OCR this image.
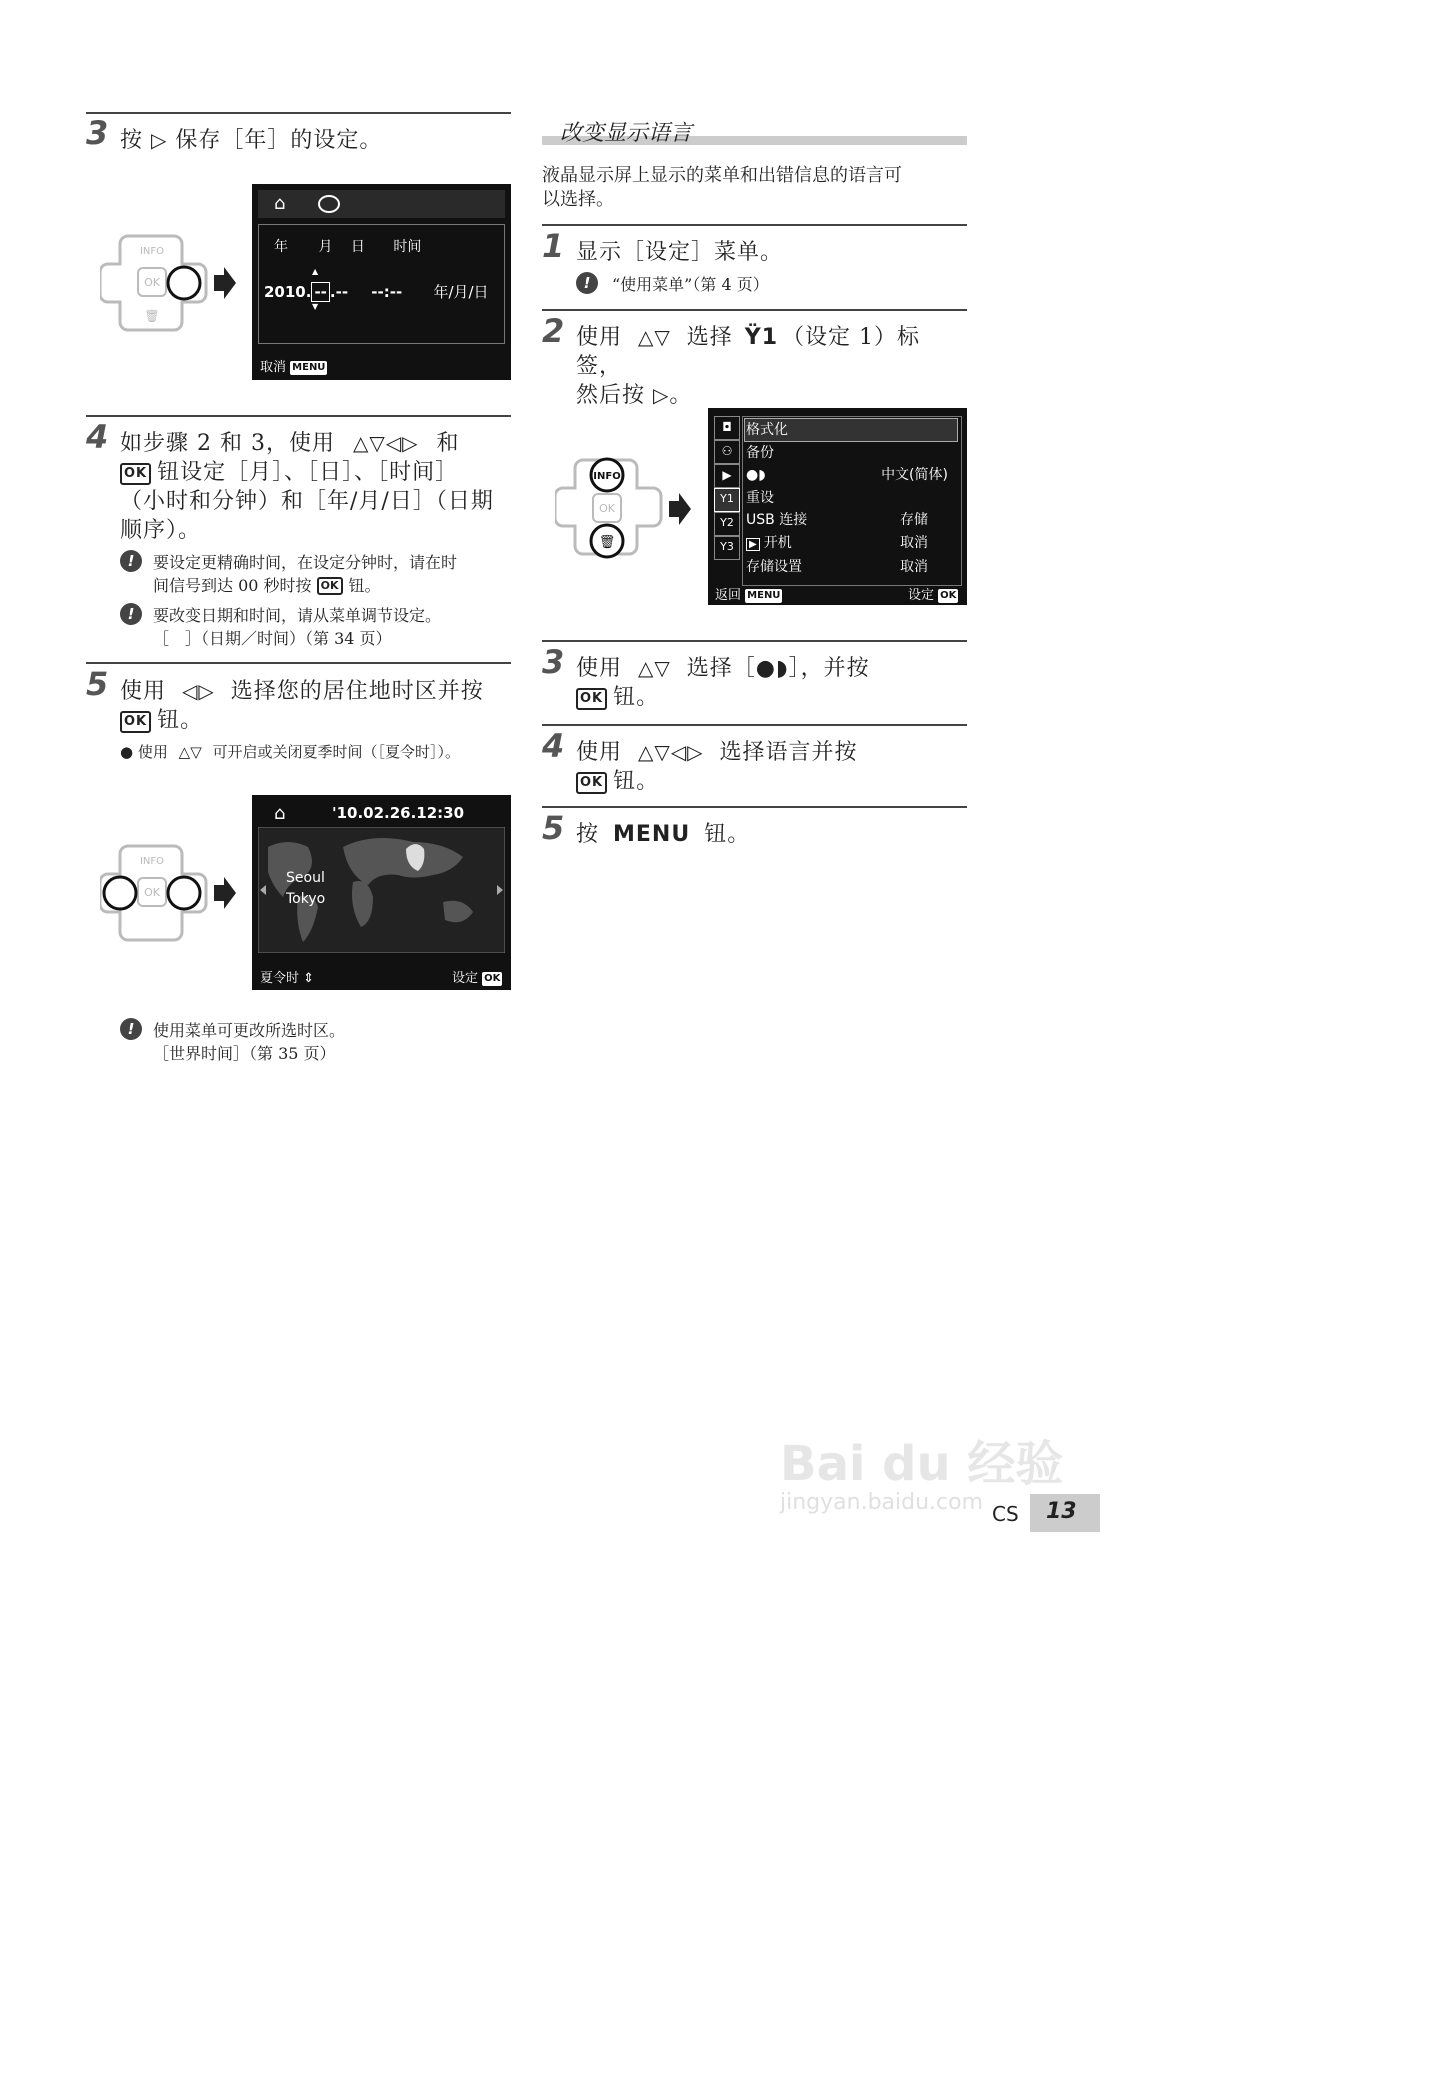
3 按 ▷ 保存［年］的设定。
OK
INFO
🗑
⌂
年 月 日 时间
2010. -- .-- --:-- 年/月/日
▲
▼
取消 MENU
4 如步骤 2 和 3，使用 △▽◁▷ 和
OK 钮设定［月］、［日］、［时间］
（小时和分钟）和［年/月/日］（日期
顺序）。
!	要设定更精确时间，在设定分钟时，请在时
间信号到达 00 秒时按 OK 钮。
!	要改变日期和时间，请从菜单调节设定。
［　］（日期／时间）（第 34 页）
5 使用 ◁▷ 选择您的居住地时区并按
OK 钮。
● 使用 △▽ 可开启或关闭夏季时间（［夏令时］）。
OK
INFO
⌂	'10.02.26.12:30
Seoul
Tokyo
夏令时 ⇕	设定 OK
!	使用菜单可更改所选时区。
［世界时间］（第 35 页）
改变显示语言
液晶显示屏上显示的菜单和出错信息的语言可
以选择。
1 显示［设定］菜单。
!	“使用菜单”（第 4 页）
2 使用 △▽ 选择 Ÿ1 （设定 1）标签，
然后按 ▷。
OK
INFO
🗑
◘
⚇
▶
Y1
Y2
Y3
格式化
备份
●◗	中文(简体)
重设
USB 连接	存储
▶ 开机	取消
存储设置	取消
返回 MENU	设定 OK
3 使用 △▽ 选择［●◗］，并按
OK 钮。
4 使用 △▽◁▷ 选择语言并按
OK 钮。
5 按 MENU 钮。
Bai du 经验
jingyan.baidu.com CS 13
